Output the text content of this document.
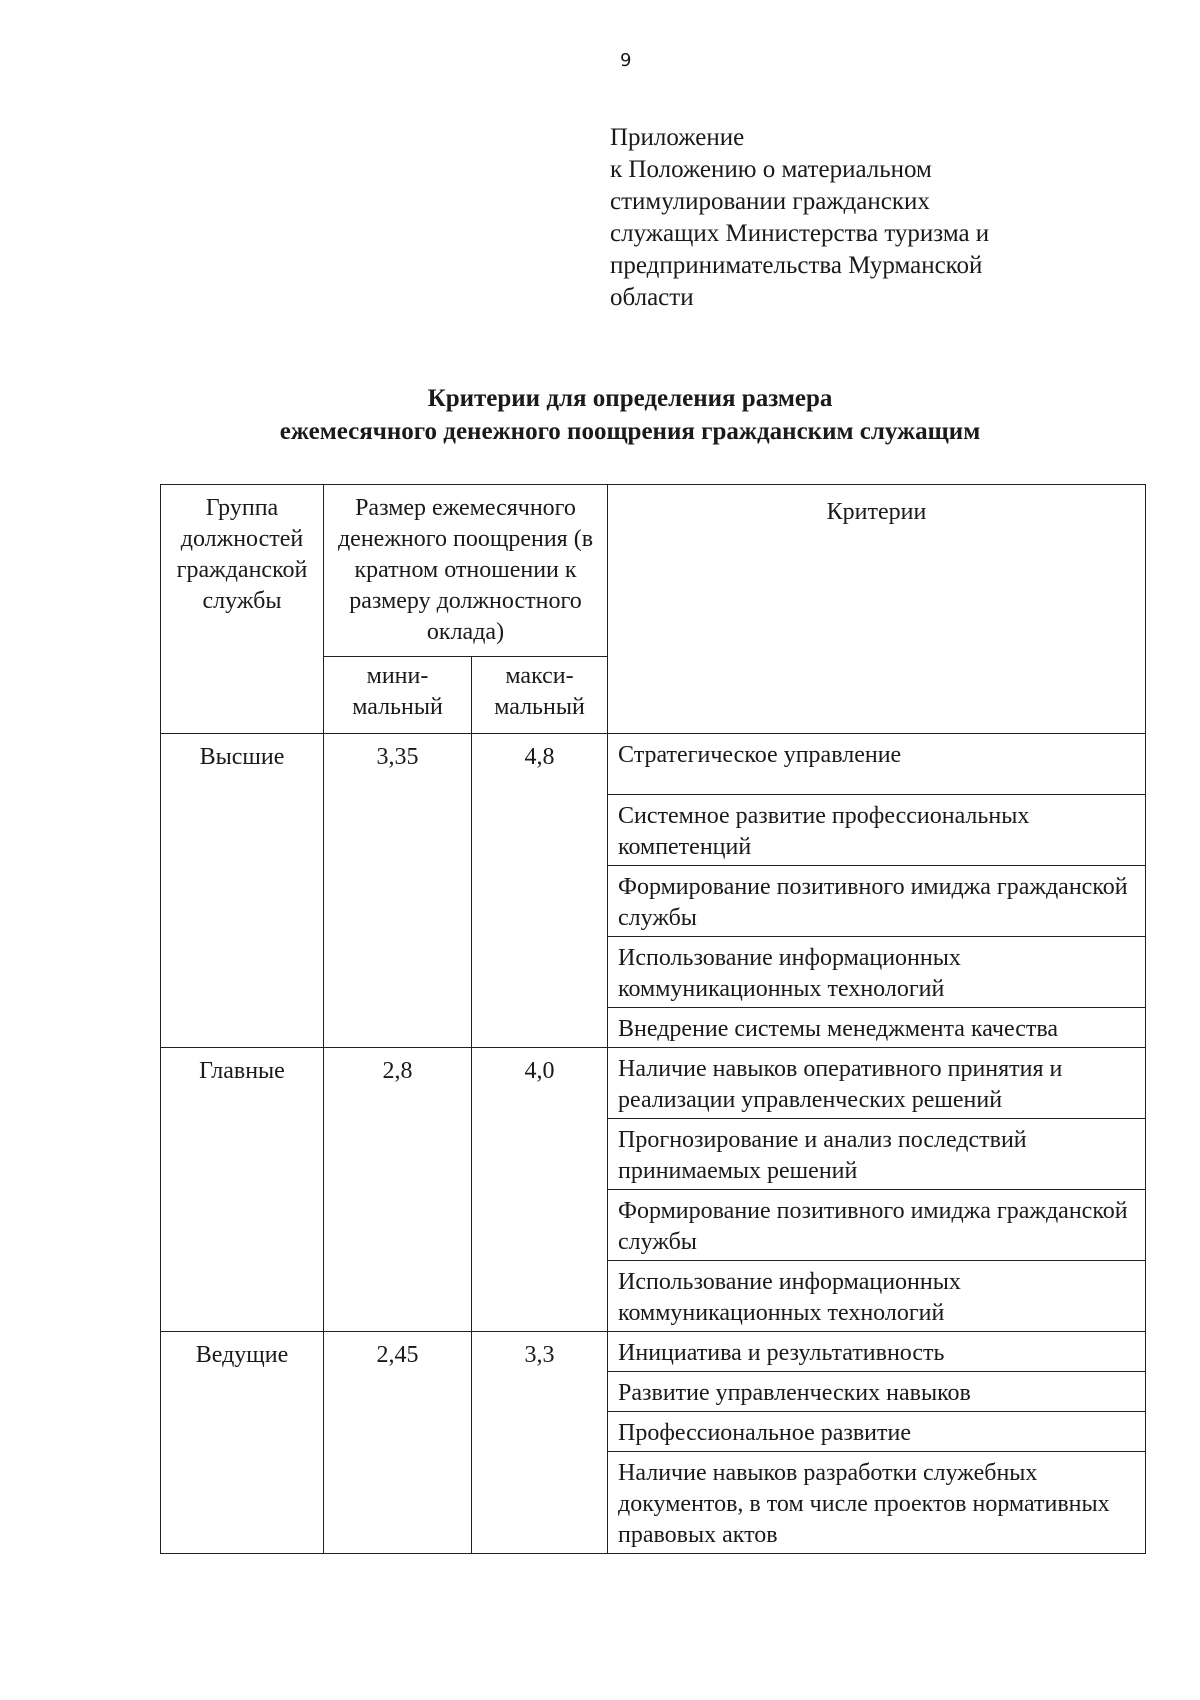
9
Приложение
к Положению о материальном
стимулировании гражданских
служащих Министерства туризма и
предпринимательства Мурманской
области
Критерии для определения размера
ежемесячного денежного поощрения гражданским служащим
Группа должностей гражданской службы	Размер ежемесячного денежного поощрения (в кратном отношении к размеру должностного оклада)		Критерии
	мини-мальный	макси-мальный	
Высшие	3,35	4,8	Стратегическое управление
			Системное развитие профессиональных компетенций
			Формирование позитивного имиджа гражданской службы
			Использование информационных коммуникационных технологий
			Внедрение системы менеджмента качества
Главные	2,8	4,0	Наличие навыков оперативного принятия и реализации управленческих решений
			Прогнозирование и анализ последствий принимаемых решений
			Формирование позитивного имиджа гражданской службы
			Использование информационных коммуникационных технологий
Ведущие	2,45	3,3	Инициатива и результативность
			Развитие управленческих навыков
			Профессиональное развитие
			Наличие навыков разработки служебных документов, в том числе проектов нормативных правовых актов
